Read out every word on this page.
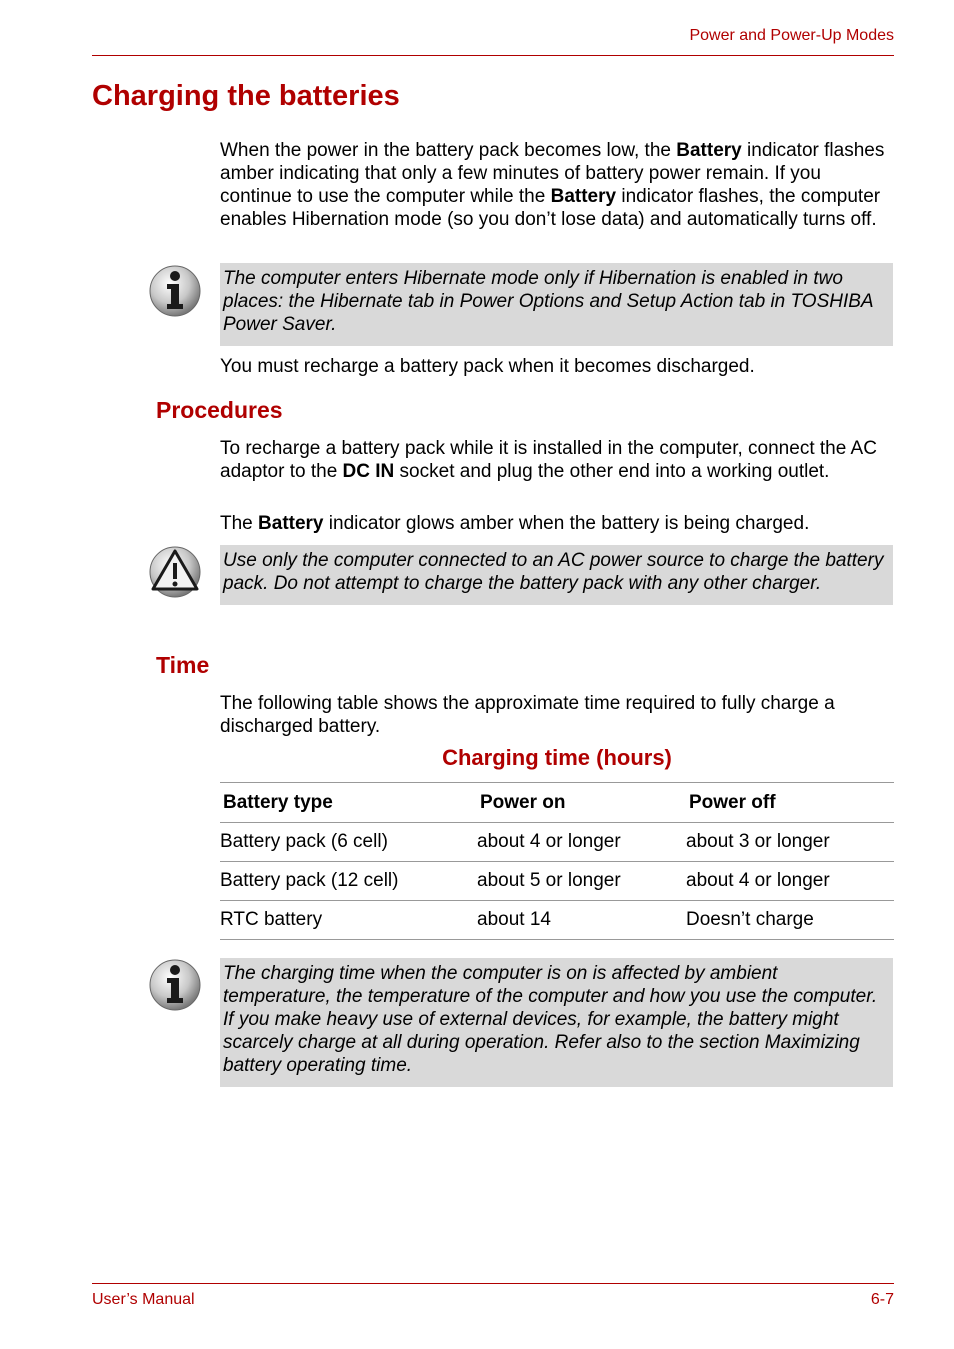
Power and Power-Up Modes
Charging the batteries

When the power in the battery pack becomes low, the Battery indicator flashes amber indicating that only a few minutes of battery power remain. If you continue to use the computer while the Battery indicator flashes, the computer enables Hibernation mode (so you don’t lose data) and automatically turns off.

The computer enters Hibernate mode only if Hibernation is enabled in two places: the Hibernate tab in Power Options and Setup Action tab in TOSHIBA Power Saver.

You must recharge a battery pack when it becomes discharged.

Procedures

To recharge a battery pack while it is installed in the computer, connect the AC adaptor to the DC IN socket and plug the other end into a working outlet.

The Battery indicator glows amber when the battery is being charged.

Use only the computer connected to an AC power source to charge the battery pack. Do not attempt to charge the battery pack with any other charger.
Time

The following table shows the approximate time required to fully charge a discharged battery.

Charging time (hours)
Battery type	Power on	Power off
Battery pack (6 cell)	about 4 or longer	about 3 or longer
Battery pack (12 cell)	about 5 or longer	about 4 or longer
RTC battery	about 14	Doesn’t charge
The charging time when the computer is on is affected by ambient temperature, the temperature of the computer and how you use the computer. If you make heavy use of external devices, for example, the battery might scarcely charge at all during operation. Refer also to the section Maximizing battery operating time.
User’s Manual	6-7
